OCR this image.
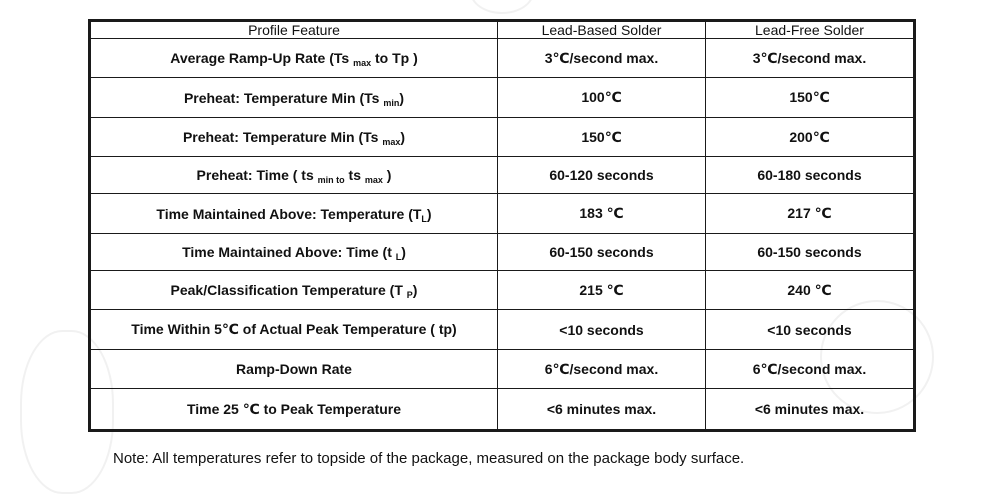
Profile Feature	Lead-Based Solder	Lead-Free Solder
Average Ramp-Up Rate (Ts $_{max}$ to Tp )	3℃/second max.	3℃/second max.
Preheat: Temperature Min (Ts $_{min}$)	100℃	150℃
Preheat: Temperature Min (Ts $_{max}$)	150℃	200℃
Preheat: Time ( ts $_{min to}$ ts $_{max}$ )	60-120 seconds	60-180 seconds
Time Maintained Above: Temperature $(T_L)$	183 ℃	217 ℃
Time Maintained Above: Time (t $_L$)	60-150 seconds	60-150 seconds
Peak/Classification Temperature (T $_P$)	215 ℃	240 ℃
Time Within 5℃ of Actual Peak Temperature ( tp)	<10 seconds	<10 seconds
Ramp-Down Rate	6℃/second max.	6℃/second max.
Time 25 ℃ to Peak Temperature	<6 minutes max.	<6 minutes max.
Note: All temperatures refer to topside of the package, measured on the package body surface.
